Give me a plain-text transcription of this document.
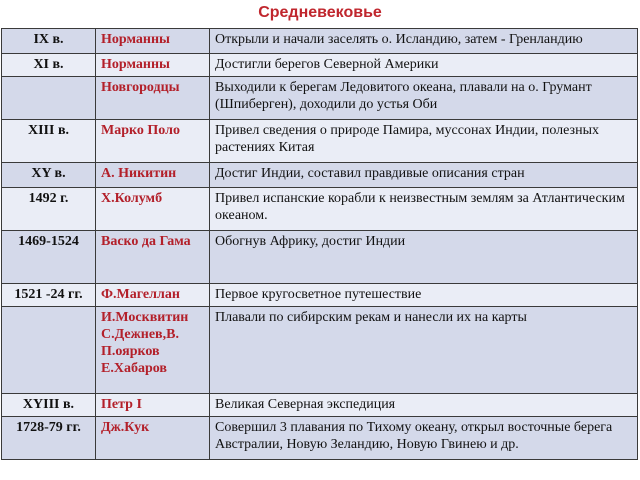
Средневековье
IX в.	Норманны	Открыли и начали заселять о. Исландию, затем - Гренландию
XI в.	Норманны	Достигли берегов Северной Америки
	Новгородцы	Выходили к берегам Ледовитого океана, плавали на о. Грумант (Шпиберген), доходили до устья Оби
XIII в.	Марко Поло	Привел сведения о природе Памира, муссонах Индии, полезных растениях Китая
XY в.	А. Никитин	Достиг Индии, составил правдивые описания стран
1492 г.	Х.Колумб	Привел испанские корабли к неизвестным землям за Атлантическим океаном.
1469-1524	Васко да Гама	Обогнув Африку, достиг Индии
1521 -24 гг.	Ф.Магеллан	Первое кругосветное путешествие
	И.Москвитин С.Дежнев,В. П.оярков Е.Хабаров	Плавали по сибирским рекам и нанесли их на карты
XYIII в.	Петр I	Великая Северная экспедиция
1728-79 гг.	Дж.Кук	Совершил 3 плавания по Тихому океану, открыл восточные берега Австралии, Новую Зеландию, Новую Гвинею и др.
